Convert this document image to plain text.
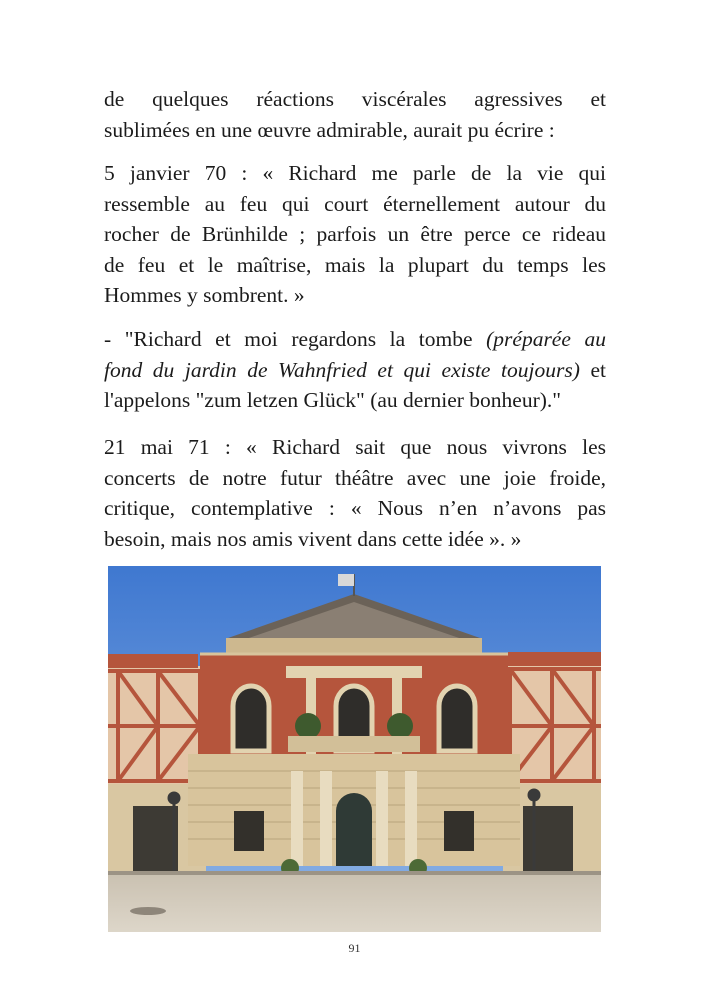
de quelques réactions viscérales agressives et
sublimées en une œuvre admirable, aurait pu écrire :
5 janvier 70 : « Richard me parle de la vie qui
ressemble au feu qui court éternellement autour du
rocher de Brünhilde ; parfois un être perce ce rideau
de feu et le maîtrise, mais la plupart du temps les
Hommes y sombrent. »
- "Richard et moi regardons la tombe (préparée au
fond du jardin de Wahnfried et qui existe toujours) et
l'appelons "zum letzen Glück" (au dernier bonheur)."
21 mai 71 : « Richard sait que nous vivrons les
concerts de notre futur théâtre avec une joie froide,
critique, contemplative : « Nous n’en n’avons pas
besoin, mais nos amis vivent dans cette idée ». »
91
